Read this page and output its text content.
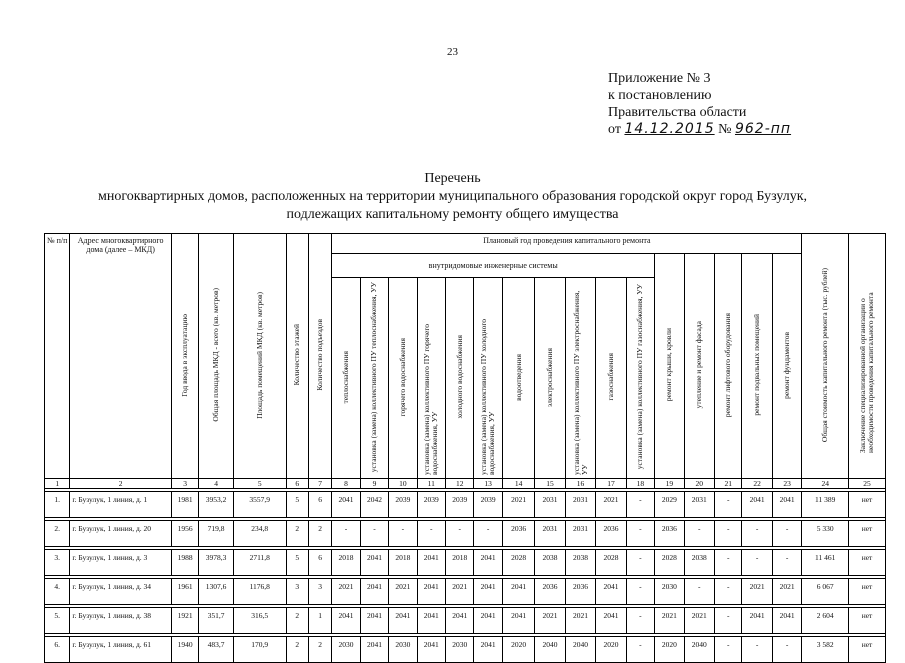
23
Приложение № 3
к постановлению
Правительства области
от 14.12.2015 № 962-пп
Перечень
многоквартирных домов, расположенных на территории муниципального образования городской округ город Бузулук,
подлежащих капитальному ремонту общего имущества
№ п/п	Адрес многоквартирного дома (далее – МКД)	Год ввода в эксплуатацию	Общая площадь МКД - всего (кв. метров)	Площадь помещений МКД (кв. метров)	Количество этажей	Количество подъездов	Плановый год проведения капитального ремонта																Общая стоимость капитального ремонта (тыс. рублей)	Заключение специализированной организации о необходимости проведения капитального ремонта
							внутридомовые инженерные системы											ремонт крыши, кровли	утепление и ремонт фасада	ремонт лифтового оборудования	ремонт подвальных помещений	ремонт фундаментов		
							теплоснабжения	установка (замена) коллективного ПУ теплоснабжения, УУ	горячего водоснабжения	установка (замена) коллективного ПУ горячего водоснабжения, УУ	холодного водоснабжения	установка (замена) коллективного ПУ холодного водоснабжения, УУ	водоотведения	электроснабжения	установка (замена) коллективного ПУ электроснабжения, УУ	газоснабжения	установка (замена) коллективного ПУ газоснабжения, УУ							
1	2	3	4	5	6	7	8	9	10	11	12	13	14	15	16	17	18	19	20	21	22	23	24	25

1.	г. Бузулук, 1 линия, д. 1	1981	3953,2	3557,9	5	6	2041	2042	2039	2039	2039	2039	2021	2031	2031	2021	-	2029	2031	-	2041	2041	11 389	нет

2.	г. Бузулук, 1 линия, д. 20	1956	719,8	234,8	2	2	-	-	-	-	-	-	2036	2031	2031	2036	-	2036	-	-	-	-	5 330	нет

3.	г. Бузулук, 1 линия, д. 3	1988	3978,3	2711,8	5	6	2018	2041	2018	2041	2018	2041	2028	2038	2038	2028	-	2028	2038	-	-	-	11 461	нет

4.	г. Бузулук, 1 линия, д. 34	1961	1307,6	1176,8	3	3	2021	2041	2021	2041	2021	2041	2041	2036	2036	2041	-	2030	-	-	2021	2021	6 067	нет

5.	г. Бузулук, 1 линия, д. 38	1921	351,7	316,5	2	1	2041	2041	2041	2041	2041	2041	2041	2021	2021	2041	-	2021	2021	-	2041	2041	2 604	нет

6.	г. Бузулук, 1 линия, д. 61	1940	483,7	170,9	2	2	2030	2041	2030	2041	2030	2041	2020	2040	2040	2020	-	2020	2040	-	-	-	3 582	нет
